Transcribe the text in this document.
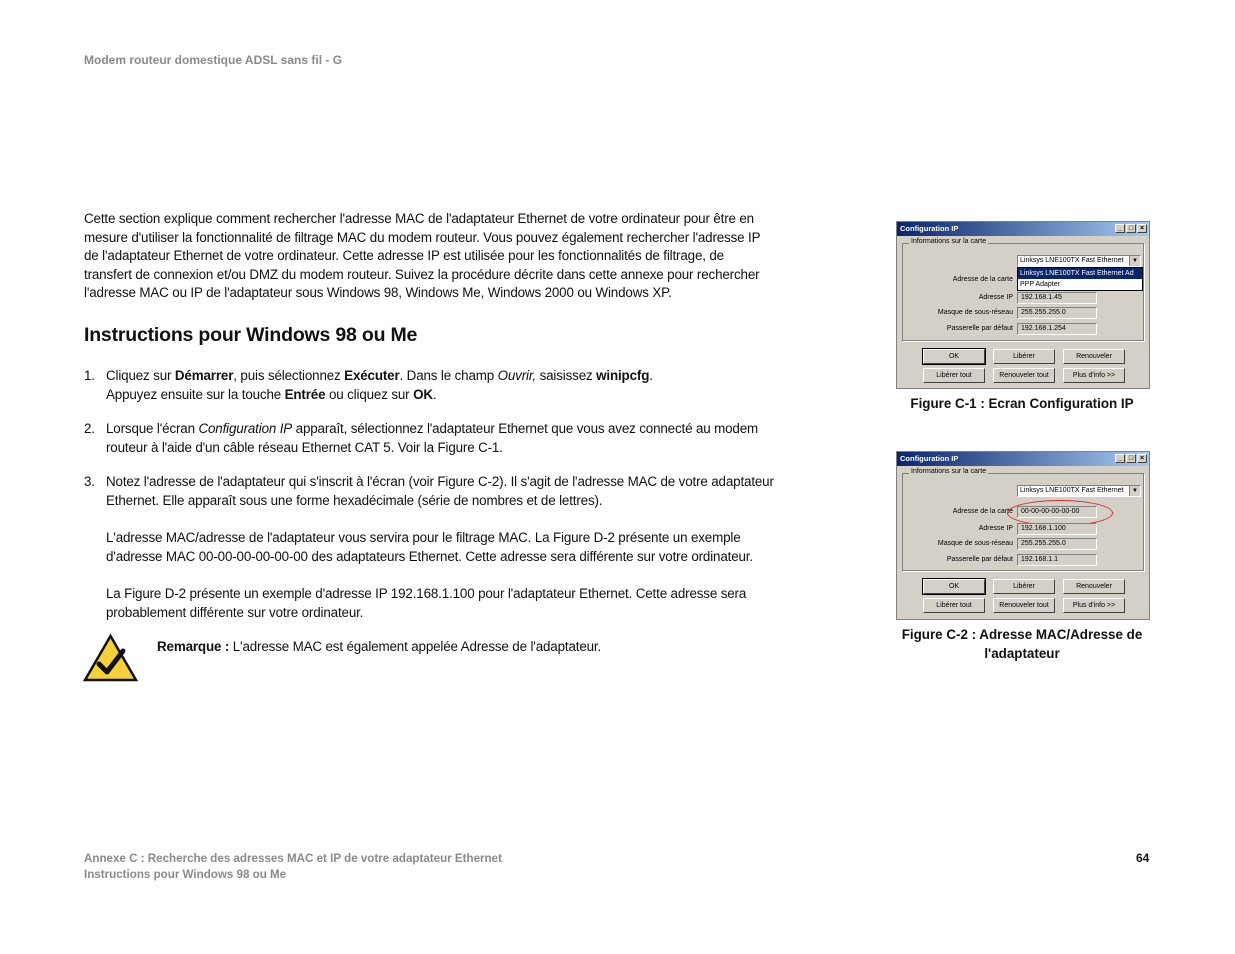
Modem routeur domestique ADSL sans fil - G
Cette section explique comment rechercher l'adresse MAC de l'adaptateur Ethernet de votre ordinateur pour être en mesure d'utiliser la fonctionnalité de filtrage MAC du modem routeur. Vous pouvez également rechercher l'adresse IP de l'adaptateur Ethernet de votre ordinateur. Cette adresse IP est utilisée pour les fonctionnalités de filtrage, de transfert de connexion et/ou DMZ du modem routeur. Suivez la procédure décrite dans cette annexe pour rechercher l'adresse MAC ou IP de l'adaptateur sous Windows 98, Windows Me, Windows 2000 ou Windows XP.
Instructions pour Windows 98 ou Me
1. Cliquez sur Démarrer, puis sélectionnez Exécuter. Dans le champ Ouvrir, saisissez winipcfg.

Appuyez ensuite sur la touche Entrée ou cliquez sur OK.

2. Lorsque l'écran Configuration IP apparaît, sélectionnez l'adaptateur Ethernet que vous avez connecté au modem routeur à l'aide d'un câble réseau Ethernet CAT 5. Voir la Figure C-1.

3. Notez l'adresse de l'adaptateur qui s'inscrit à l'écran (voir Figure C-2). Il s'agit de l'adresse MAC de votre adaptateur Ethernet. Elle apparaît sous une forme hexadécimale (série de nombres et de lettres).

L'adresse MAC/adresse de l'adaptateur vous servira pour le filtrage MAC. La Figure D-2 présente un exemple d'adresse MAC 00-00-00-00-00-00 des adaptateurs Ethernet. Cette adresse sera différente sur votre ordinateur.

La Figure D-2 présente un exemple d'adresse IP 192.168.1.100 pour l'adaptateur Ethernet. Cette adresse sera probablement différente sur votre ordinateur.

Remarque : L'adresse MAC est également appelée Adresse de l'adaptateur.
Configuration IP	_ □ ×
Informations sur la carte
Adresse de la carte
Linksys LNE100TX Fast Ethernet	▼
Linksys LNE100TX Fast Ethernet Ad
PPP Adapter
Adresse IP	192.168.1.45
Masque de sous-réseau	255.255.255.0
Passerelle par défaut	192.168.1.254
OK	Libérer	Renouveler
Libérer tout	Renouveler tout	Plus d'info >>
Figure C-1 : Ecran Configuration IP
Configuration IP	_ □ ×
Informations sur la carte
Linksys LNE100TX Fast Ethernet	▼
Adresse de la carte	00-00-00-00-00-00
Adresse IP	192.168.1.100
Masque de sous-réseau	255.255.255.0
Passerelle par défaut	192.168.1.1
OK	Libérer	Renouveler
Libérer tout	Renouveler tout	Plus d'info >>
Figure C-2 : Adresse MAC/Adresse de
l'adaptateur
Annexe C : Recherche des adresses MAC et IP de votre adaptateur Ethernet
Instructions pour Windows 98 ou Me
64
